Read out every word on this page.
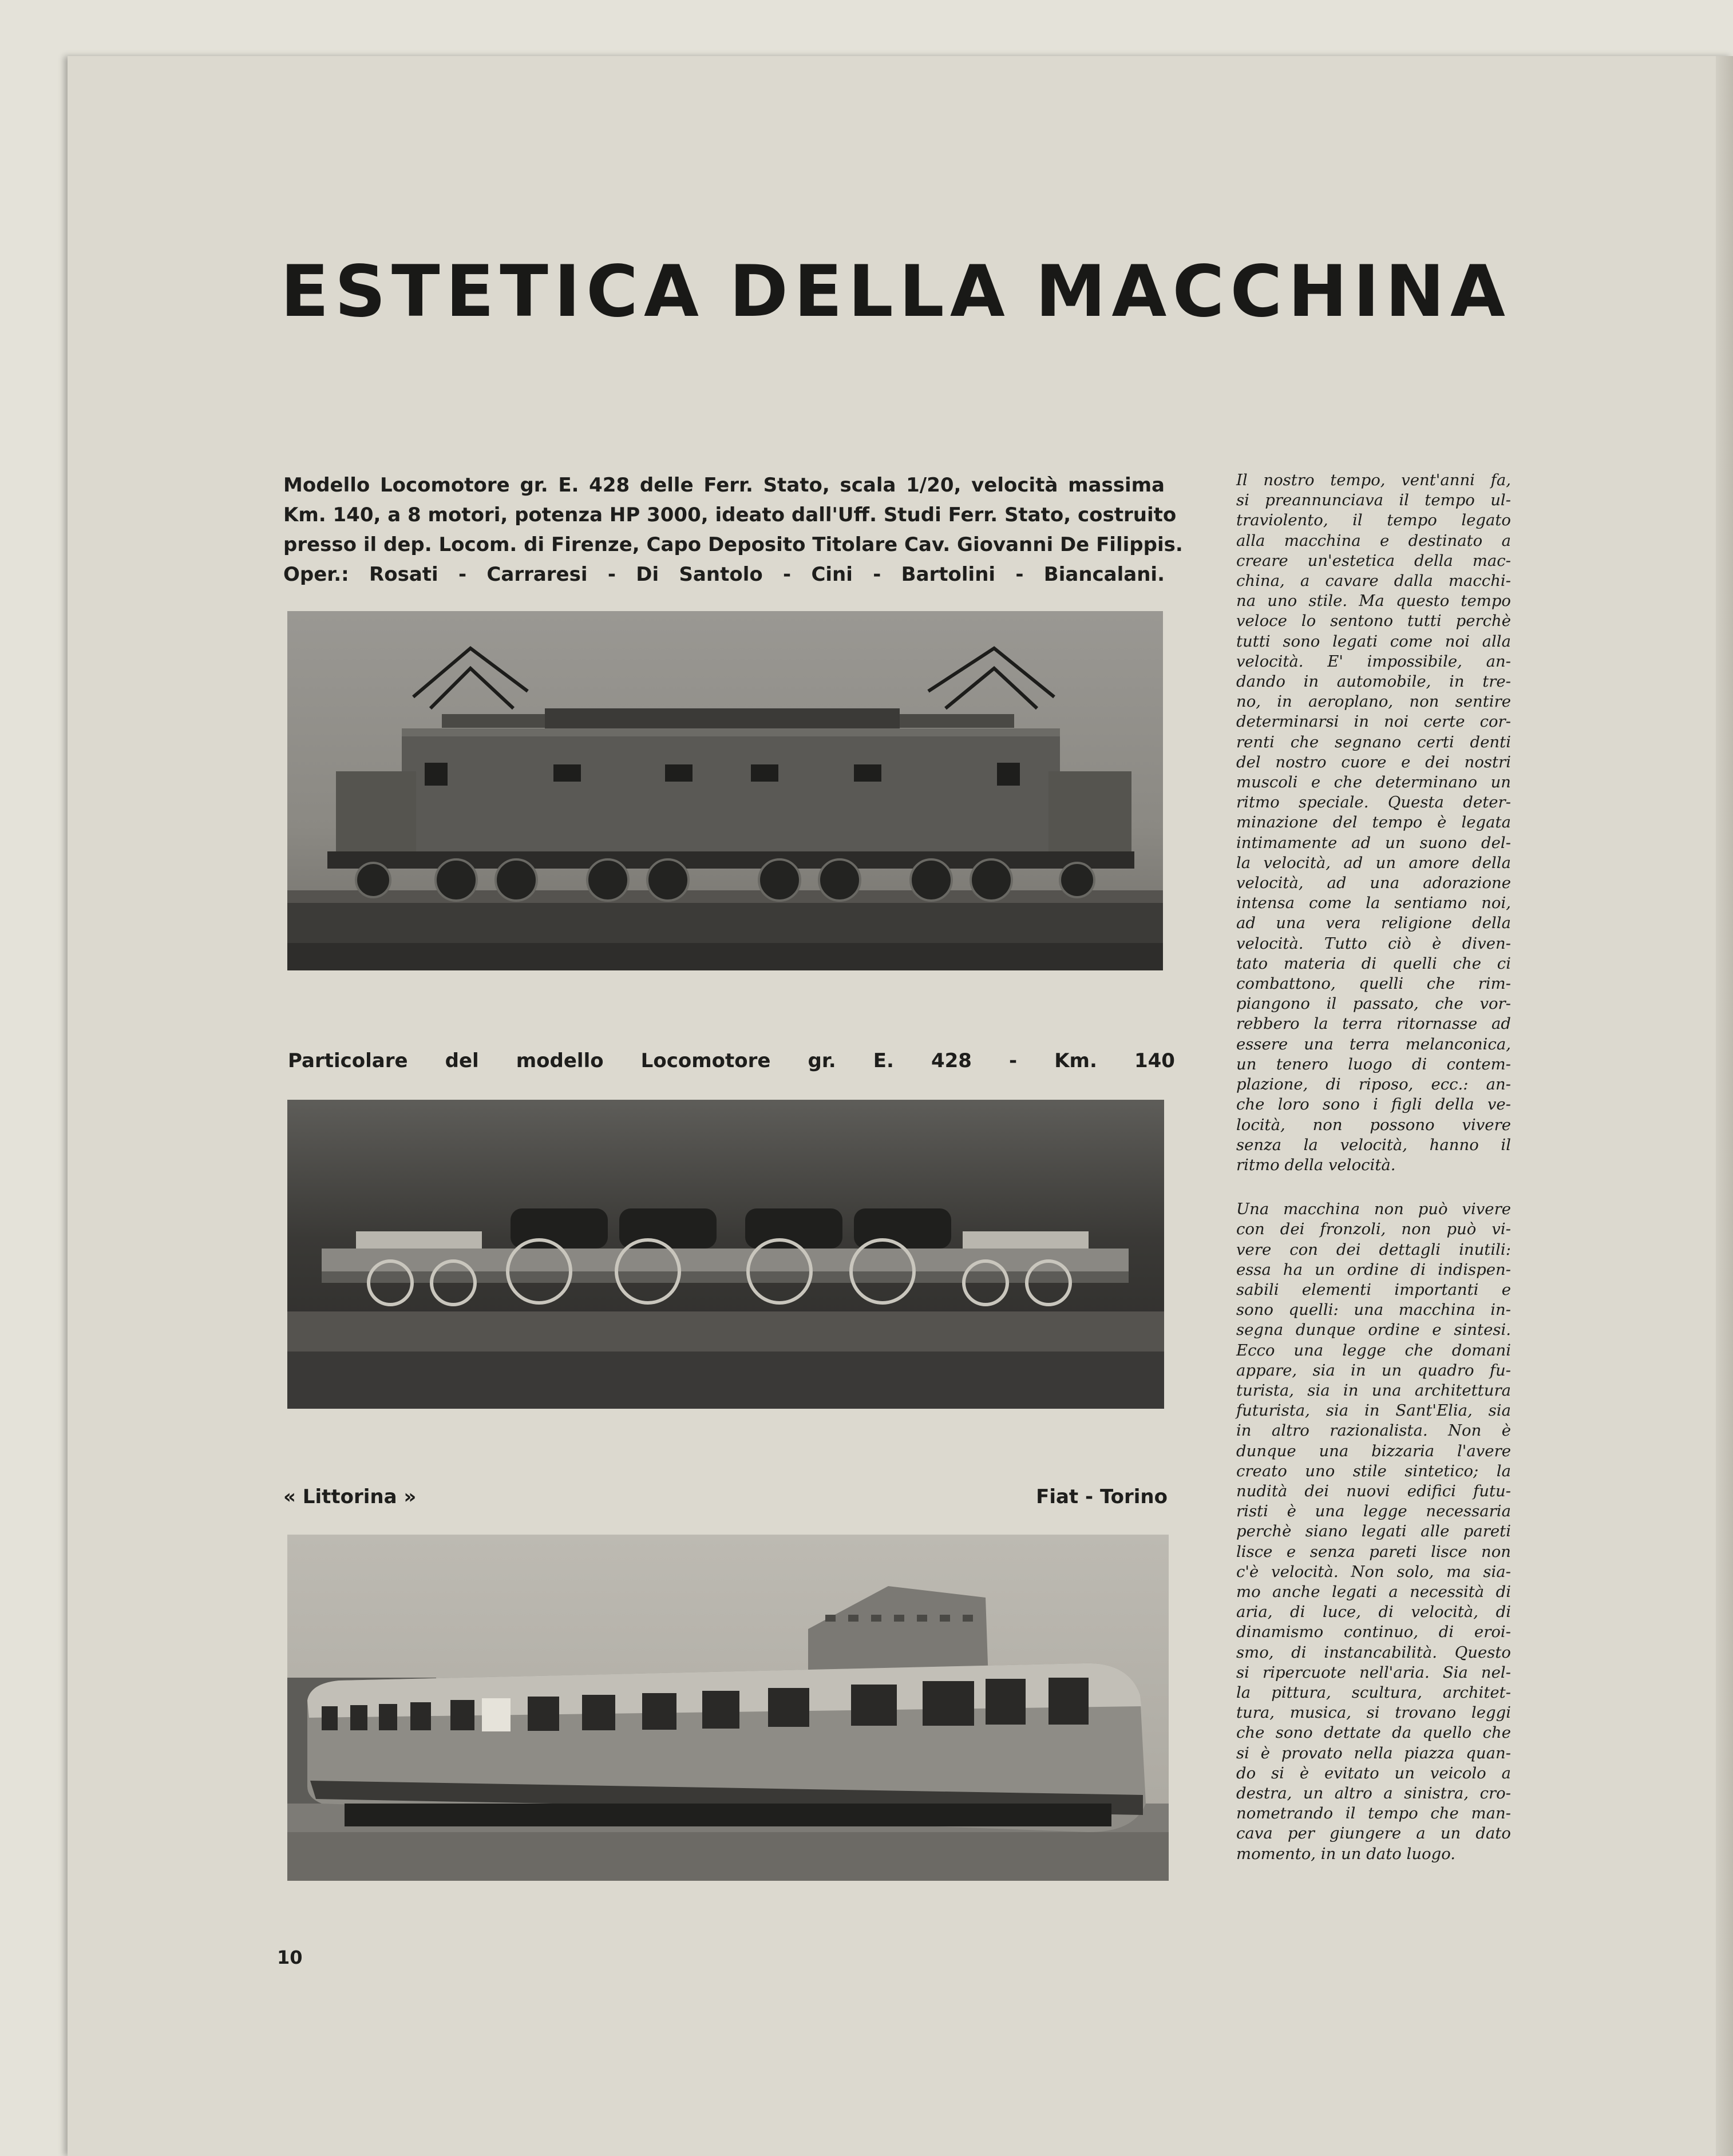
ESTETICA DELLA MACCHINA
Modello Locomotore gr. E. 428 delle Ferr. Stato, scala 1/20, velocità massima
Km. 140, a 8 motori, potenza HP 3000, ideato dall'Uff. Studi Ferr. Stato, costruito
presso il dep. Locom. di Firenze, Capo Deposito Titolare Cav. Giovanni De Filippis.
Oper.: Rosati - Carraresi - Di Santolo - Cini - Bartolini - Biancalani.
Particolare del modello Locomotore gr. E. 428 - Km. 140
« Littorina »	Fiat - Torino

Il nostro tempo, vent'anni fa,
si preannunciava il tempo ul-
traviolento, il tempo legato
alla macchina e destinato a
creare un'estetica della mac-
china, a cavare dalla macchi-
na uno stile. Ma questo tempo
veloce lo sentono tutti perchè
tutti sono legati come noi alla
velocità. E' impossibile, an-
dando in automobile, in tre-
no, in aeroplano, non sentire
determinarsi in noi certe cor-
renti che segnano certi denti
del nostro cuore e dei nostri
muscoli e che determinano un
ritmo speciale. Questa deter-
minazione del tempo è legata
intimamente ad un suono del-
la velocità, ad un amore della
velocità, ad una adorazione
intensa come la sentiamo noi,
ad una vera religione della
velocità. Tutto ciò è diven-
tato materia di quelli che ci
combattono, quelli che rim-
piangono il passato, che vor-
rebbero la terra ritornasse ad
essere una terra melanconica,
un tenero luogo di contem-
plazione, di riposo, ecc.: an-
che loro sono i figli della ve-
locità, non possono vivere
senza la velocità, hanno il
ritmo della velocità.

Una macchina non può vivere
con dei fronzoli, non può vi-
vere con dei dettagli inutili:
essa ha un ordine di indispen-
sabili elementi importanti e
sono quelli: una macchina in-
segna dunque ordine e sintesi.
Ecco una legge che domani
appare, sia in un quadro fu-
turista, sia in una architettura
futurista, sia in Sant'Elia, sia
in altro razionalista. Non è
dunque una bizzaria l'avere
creato uno stile sintetico; la
nudità dei nuovi edifici futu-
risti è una legge necessaria
perchè siano legati alle pareti
lisce e senza pareti lisce non
c'è velocità. Non solo, ma sia-
mo anche legati a necessità di
aria, di luce, di velocità, di
dinamismo continuo, di eroi-
smo, di instancabilità. Questo
si ripercuote nell'aria. Sia nel-
la pittura, scultura, architet-
tura, musica, si trovano leggi
che sono dettate da quello che
si è provato nella piazza quan-
do si è evitato un veicolo a
destra, un altro a sinistra, cro-
nometrando il tempo che man-
cava per giungere a un dato
momento, in un dato luogo.

10
